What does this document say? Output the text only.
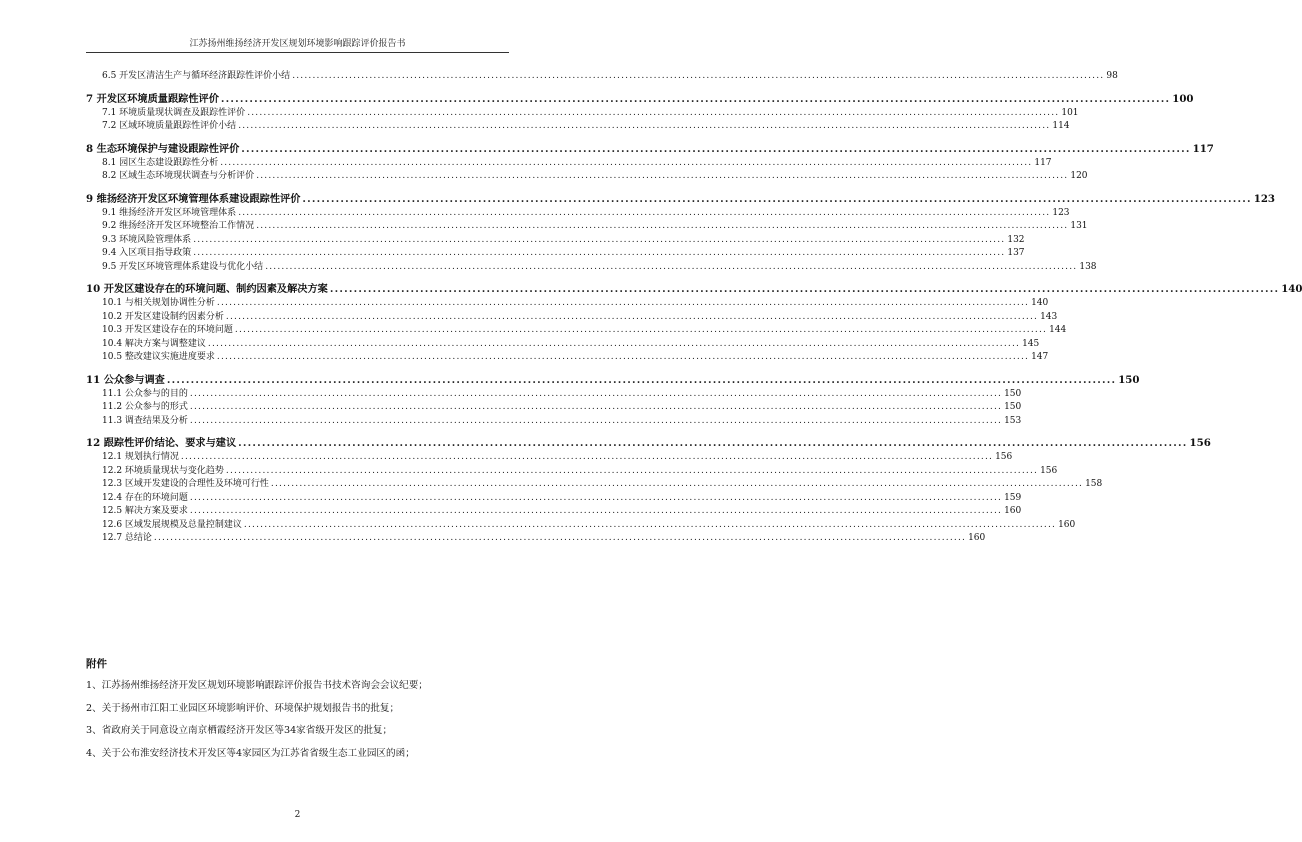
江苏扬州维扬经济开发区规划环境影响跟踪评价报告书
6.5 开发区清洁生产与循环经济跟踪性评价小结 ........................................................................................................................................................................................................ 98
7 开发区环境质量跟踪性评价 ........................................................................................................................................................................................................ 100
7.1 环境质量现状调查及跟踪性评价 ........................................................................................................................................................................................................ 101
7.2 区域环境质量跟踪性评价小结 ........................................................................................................................................................................................................ 114
8 生态环境保护与建设跟踪性评价 ........................................................................................................................................................................................................ 117
8.1 园区生态建设跟踪性分析 ........................................................................................................................................................................................................ 117
8.2 区域生态环境现状调查与分析评价 ........................................................................................................................................................................................................ 120
9 维扬经济开发区环境管理体系建设跟踪性评价 ........................................................................................................................................................................................................ 123
9.1 维扬经济开发区环境管理体系 ........................................................................................................................................................................................................ 123
9.2 维扬经济开发区环境整治工作情况 ........................................................................................................................................................................................................ 131
9.3 环境风险管理体系 ........................................................................................................................................................................................................ 132
9.4 入区项目指导政策 ........................................................................................................................................................................................................ 137
9.5 开发区环境管理体系建设与优化小结 ........................................................................................................................................................................................................ 138
10 开发区建设存在的环境问题、制约因素及解决方案 ........................................................................................................................................................................................................ 140
10.1 与相关规划协调性分析 ........................................................................................................................................................................................................ 140
10.2 开发区建设制约因素分析 ........................................................................................................................................................................................................ 143
10.3 开发区建设存在的环境问题 ........................................................................................................................................................................................................ 144
10.4 解决方案与调整建议 ........................................................................................................................................................................................................ 145
10.5 整改建议实施进度要求 ........................................................................................................................................................................................................ 147
11 公众参与调查 ........................................................................................................................................................................................................ 150
11.1 公众参与的目的 ........................................................................................................................................................................................................ 150
11.2 公众参与的形式 ........................................................................................................................................................................................................ 150
11.3 调查结果及分析 ........................................................................................................................................................................................................ 153
12 跟踪性评价结论、要求与建议 ........................................................................................................................................................................................................ 156
12.1 规划执行情况 ........................................................................................................................................................................................................ 156
12.2 环境质量现状与变化趋势 ........................................................................................................................................................................................................ 156
12.3 区域开发建设的合理性及环境可行性 ........................................................................................................................................................................................................ 158
12.4 存在的环境问题 ........................................................................................................................................................................................................ 159
12.5 解决方案及要求 ........................................................................................................................................................................................................ 160
12.6 区域发展规模及总量控制建议 ........................................................................................................................................................................................................ 160
12.7 总结论 ........................................................................................................................................................................................................ 160
附件
1、江苏扬州维扬经济开发区规划环境影响跟踪评价报告书技术咨询会会议纪要；
2、关于扬州市江阳工业园区环境影响评价、环境保护规划报告书的批复；
3、省政府关于同意设立南京栖霞经济开发区等34家省级开发区的批复；
4、关于公布淮安经济技术开发区等4家园区为江苏省省级生态工业园区的函；
2
